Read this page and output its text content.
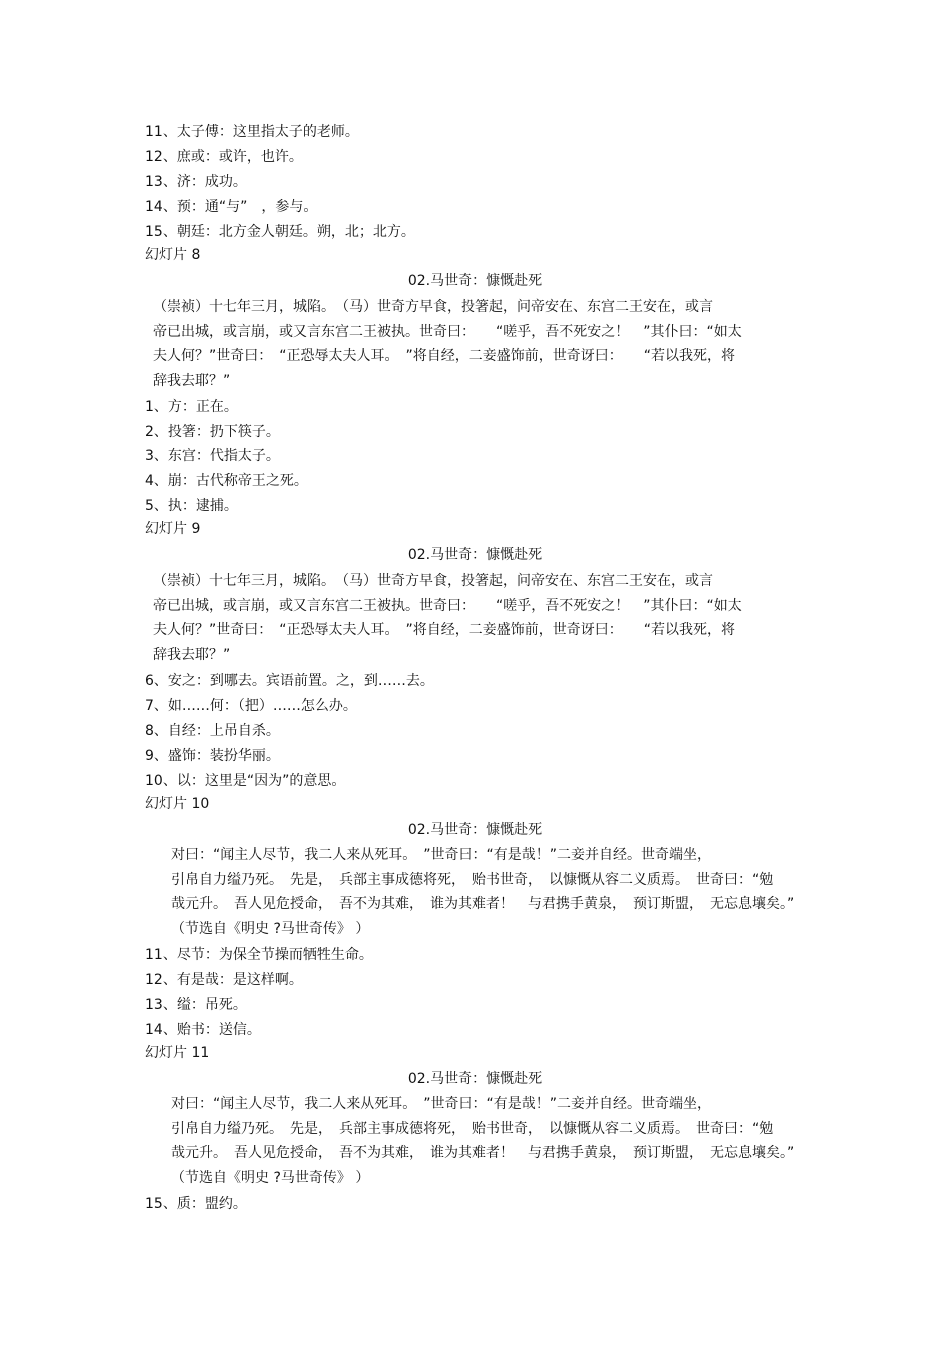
11、太子傅：这里指太子的老师。
12、庶或：或许，也许。
13、济：成功。
14、预：通“与”　，参与。
15、朝廷：北方金人朝廷。朔，北；北方。
幻灯片 8
02.马世奇：慷慨赴死
（崇祯）十七年三月，城陷。　（马）世奇方早食，投箸起，问帝安在、东宫二王安在，或言
帝已出城，或言崩，或又言东宫二王被执。世奇曰：　　“嗟乎，吾不死安之！　”其仆曰：“如太
夫人何？”世奇曰：　“正恐辱太夫人耳。　”将自经，二妾盛饰前，世奇讶曰：　　“若以我死，将
辞我去耶？”
1、方：正在。
2、投箸：扔下筷子。
3、东宫：代指太子。
4、崩：古代称帝王之死。
5、执：逮捕。
幻灯片 9
02.马世奇：慷慨赴死
（崇祯）十七年三月，城陷。　（马）世奇方早食，投箸起，问帝安在、东宫二王安在，或言
帝已出城，或言崩，或又言东宫二王被执。世奇曰：　　“嗟乎，吾不死安之！　”其仆曰：“如太
夫人何？”世奇曰：　“正恐辱太夫人耳。　”将自经，二妾盛饰前，世奇讶曰：　　“若以我死，将
辞我去耶？”
6、安之：到哪去。宾语前置。之，到……去。
7、如……何：（把）……怎么办。
8、自经：上吊自杀。
9、盛饰：装扮华丽。
10、以：这里是“因为”的意思。
幻灯片 10
02.马世奇：慷慨赴死
对曰：“闻主人尽节，我二人来从死耳。　”世奇曰：“有是哉！”二妾并自经。世奇端坐，
引帛自力缢乃死。　先是，　兵部主事成德将死，　贻书世奇，　以慷慨从容二义质焉。　世奇曰：“勉
哉元升。　吾人见危授命，　吾不为其难，　谁为其难者！　与君携手黄泉，　预订斯盟，　无忘息壤矣。”
（节选自《明史 ?马世奇传》 ）
11、尽节：为保全节操而牺牲生命。
12、有是哉：是这样啊。
13、缢：吊死。
14、贻书：送信。
幻灯片 11
02.马世奇：慷慨赴死
对曰：“闻主人尽节，我二人来从死耳。　”世奇曰：“有是哉！”二妾并自经。世奇端坐，
引帛自力缢乃死。　先是，　兵部主事成德将死，　贻书世奇，　以慷慨从容二义质焉。　世奇曰：“勉
哉元升。　吾人见危授命，　吾不为其难，　谁为其难者！　与君携手黄泉，　预订斯盟，　无忘息壤矣。”
（节选自《明史 ?马世奇传》 ）
15、质：盟约。
